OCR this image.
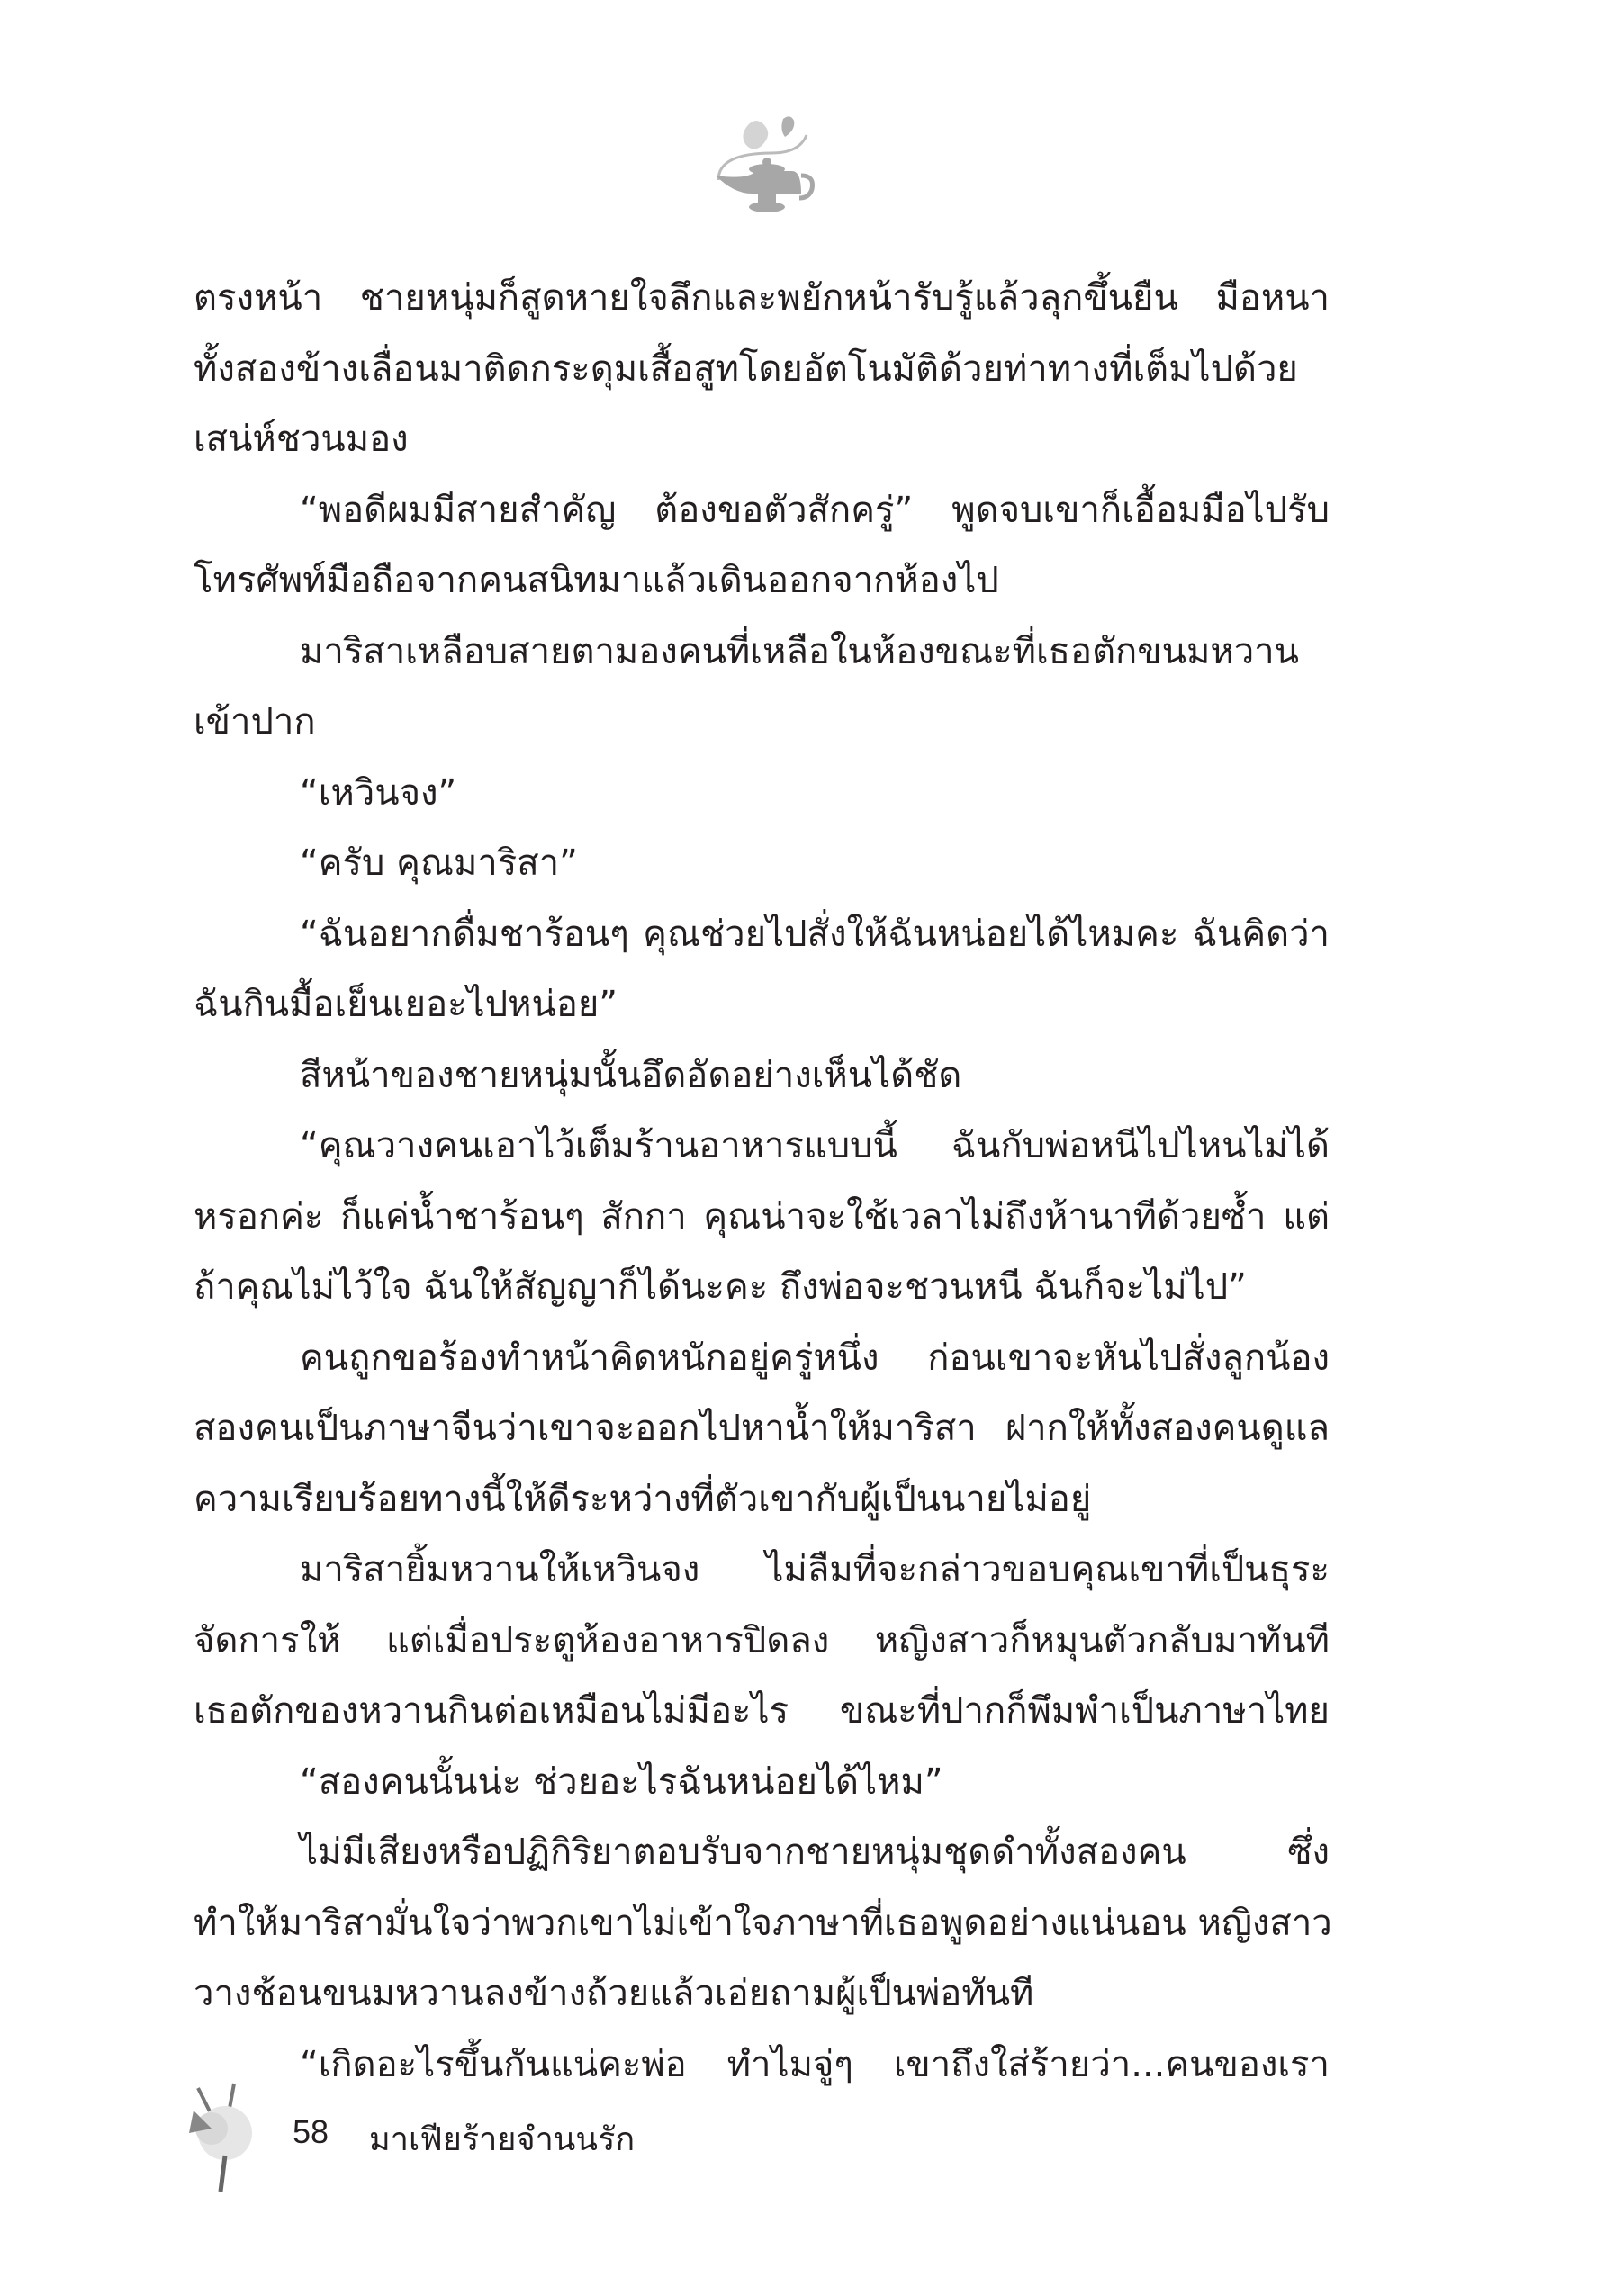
ตรงหน้า ชายหนุ่มก็สูดหายใจลึกและพยักหน้ารับรู้แล้วลุกขึ้นยืน มือหนา
ทั้งสองข้างเลื่อนมาติดกระดุมเสื้อสูทโดยอัตโนมัติด้วยท่าทางที่เต็มไปด้วย
เสน่ห์ชวนมอง
“พอดีผมมีสายสำคัญ ต้องขอตัวสักครู่” พูดจบเขาก็เอื้อมมือไปรับ
โทรศัพท์มือถือจากคนสนิทมาแล้วเดินออกจากห้องไป
มาริสาเหลือบสายตามองคนที่เหลือในห้องขณะที่เธอตักขนมหวาน
เข้าปาก
“เหวินจง”
“ครับ คุณมาริสา”
“ฉันอยากดื่มชาร้อนๆ คุณช่วยไปสั่งให้ฉันหน่อยได้ไหมคะ ฉันคิดว่า
ฉันกินมื้อเย็นเยอะไปหน่อย”
สีหน้าของชายหนุ่มนั้นอึดอัดอย่างเห็นได้ชัด
“คุณวางคนเอาไว้เต็มร้านอาหารแบบนี้ ฉันกับพ่อหนีไปไหนไม่ได้
หรอกค่ะ ก็แค่น้ำชาร้อนๆ สักกา คุณน่าจะใช้เวลาไม่ถึงห้านาทีด้วยซ้ำ แต่
ถ้าคุณไม่ไว้ใจ ฉันให้สัญญาก็ได้นะคะ ถึงพ่อจะชวนหนี ฉันก็จะไม่ไป”
คนถูกขอร้องทำหน้าคิดหนักอยู่ครู่หนึ่ง ก่อนเขาจะหันไปสั่งลูกน้อง
สองคนเป็นภาษาจีนว่าเขาจะออกไปหาน้ำให้มาริสา ฝากให้ทั้งสองคนดูแล
ความเรียบร้อยทางนี้ให้ดีระหว่างที่ตัวเขากับผู้เป็นนายไม่อยู่
มาริสายิ้มหวานให้เหวินจง ไม่ลืมที่จะกล่าวขอบคุณเขาที่เป็นธุระ
จัดการให้ แต่เมื่อประตูห้องอาหารปิดลง หญิงสาวก็หมุนตัวกลับมาทันที
เธอตักของหวานกินต่อเหมือนไม่มีอะไร ขณะที่ปากก็พึมพำเป็นภาษาไทย
“สองคนนั้นน่ะ ช่วยอะไรฉันหน่อยได้ไหม”
ไม่มีเสียงหรือปฏิกิริยาตอบรับจากชายหนุ่มชุดดำทั้งสองคน ซึ่ง
ทำให้มาริสามั่นใจว่าพวกเขาไม่เข้าใจภาษาที่เธอพูดอย่างแน่นอน หญิงสาว
วางช้อนขนมหวานลงข้างถ้วยแล้วเอ่ยถามผู้เป็นพ่อทันที
“เกิดอะไรขึ้นกันแน่คะพ่อ ทำไมจู่ๆ เขาถึงใส่ร้ายว่า...คนของเรา
58 มาเฟียร้ายจำนนรัก
